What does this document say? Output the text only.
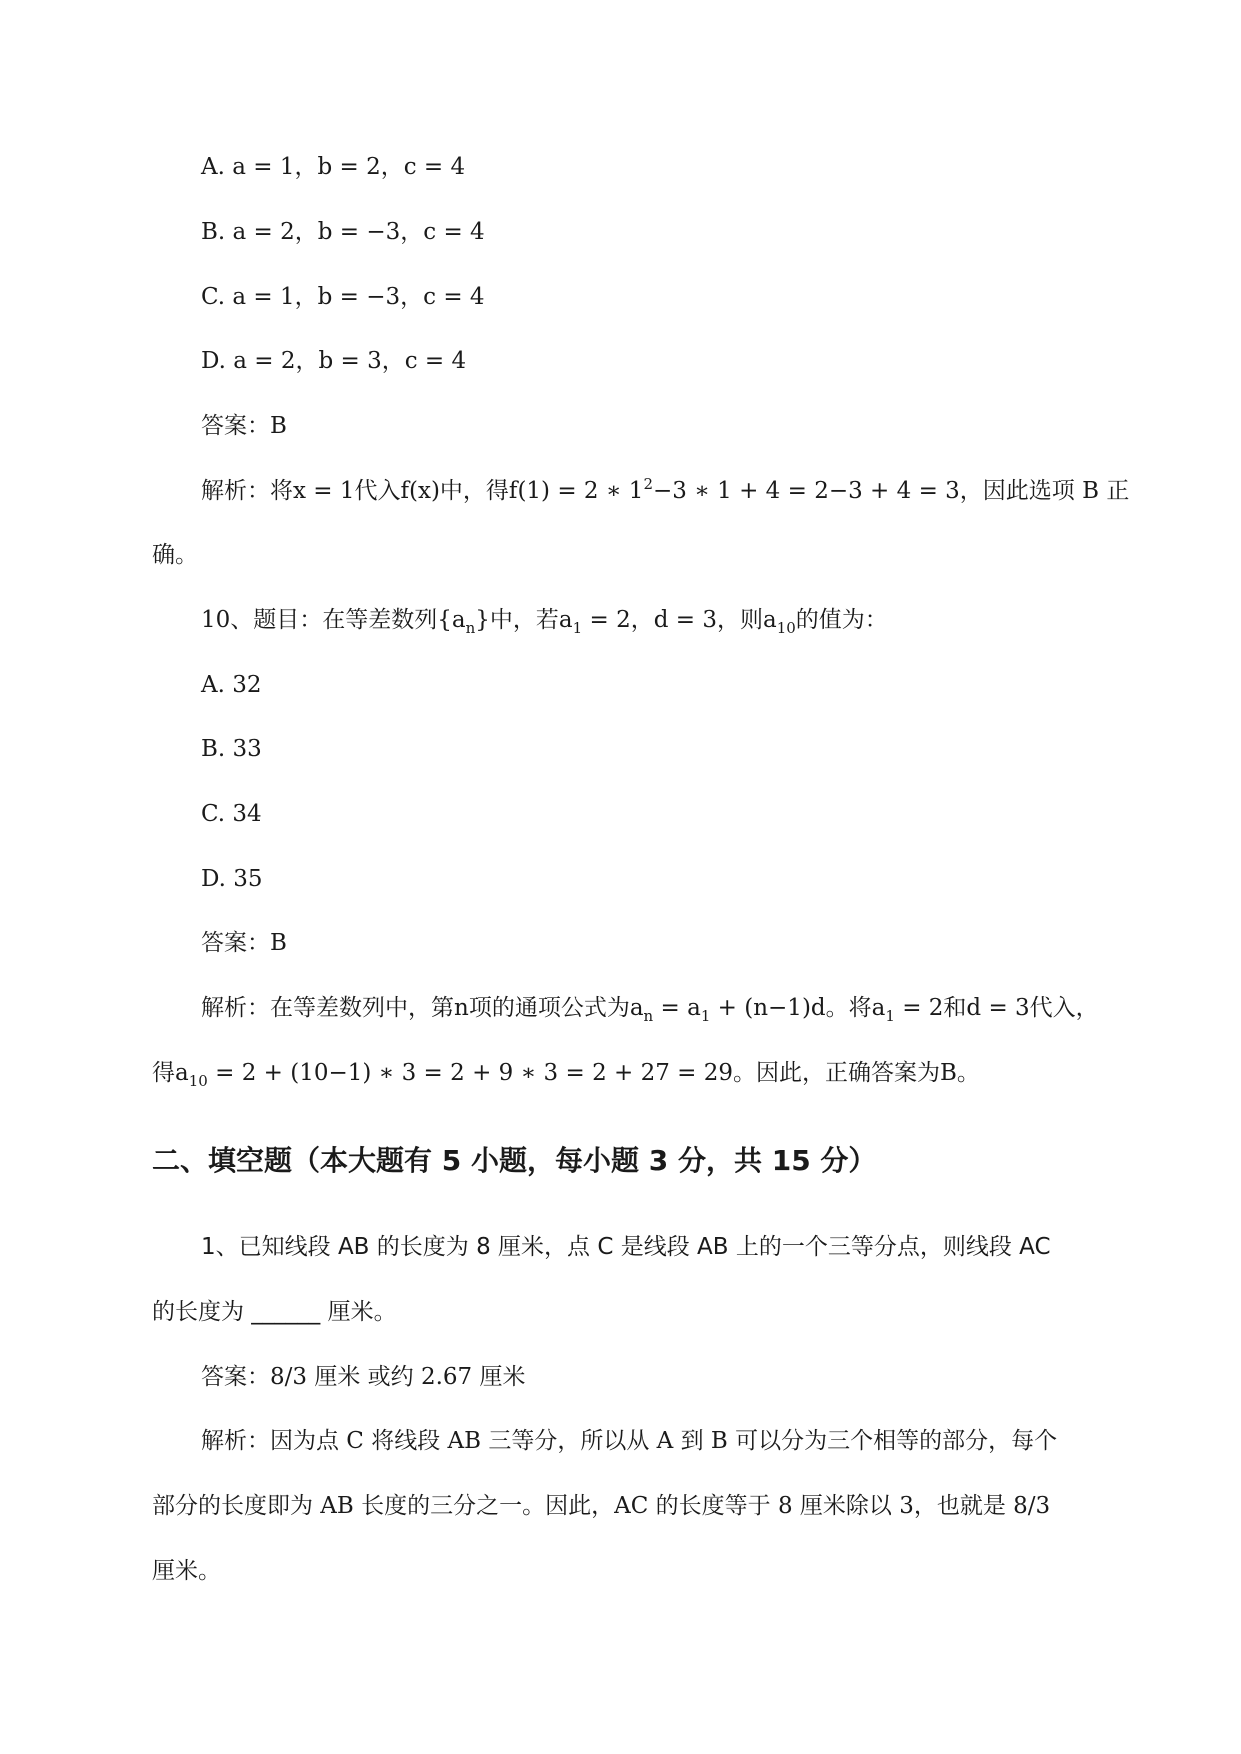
A. a = 1，b = 2，c = 4
B. a = 2，b = −3，c = 4
C. a = 1，b = −3，c = 4
D. a = 2，b = 3，c = 4
答案：B
解析：将x = 1代入f(x)中，得f(1) = 2 ∗ $1^2-3$ ∗ 1 + 4 = 2−3 + 4 = 3，因此选项 B 正
确。
10、题目：在等差数列$\{a_n\}$中，若$a_1 = 2$，d = 3，则$a_{10}$的值为：
A. 32
B. 33
C. 34
D. 35
答案：B
解析：在等差数列中，第n项的通项公式为$a_n = a_1 + (n-1)d$。将$a_1 = 2$和d = 3代入，
得$a_{10} = 2 + (10-1)$ ∗ 3 = 2 + 9 ∗ 3 = 2 + 27 = 29。因此，正确答案为B。
二、填空题（本大题有 5 小题，每小题 3 分，共 15 分）
1、已知线段 AB 的长度为 8 厘米，点 C 是线段 AB 上的一个三等分点，则线段 AC
的长度为 ______ 厘米。
答案：8/3 厘米 或约 2.67 厘米
解析：因为点 C 将线段 AB 三等分，所以从 A 到 B 可以分为三个相等的部分，每个
部分的长度即为 AB 长度的三分之一。因此，AC 的长度等于 8 厘米除以 3，也就是 8/3
厘米。
